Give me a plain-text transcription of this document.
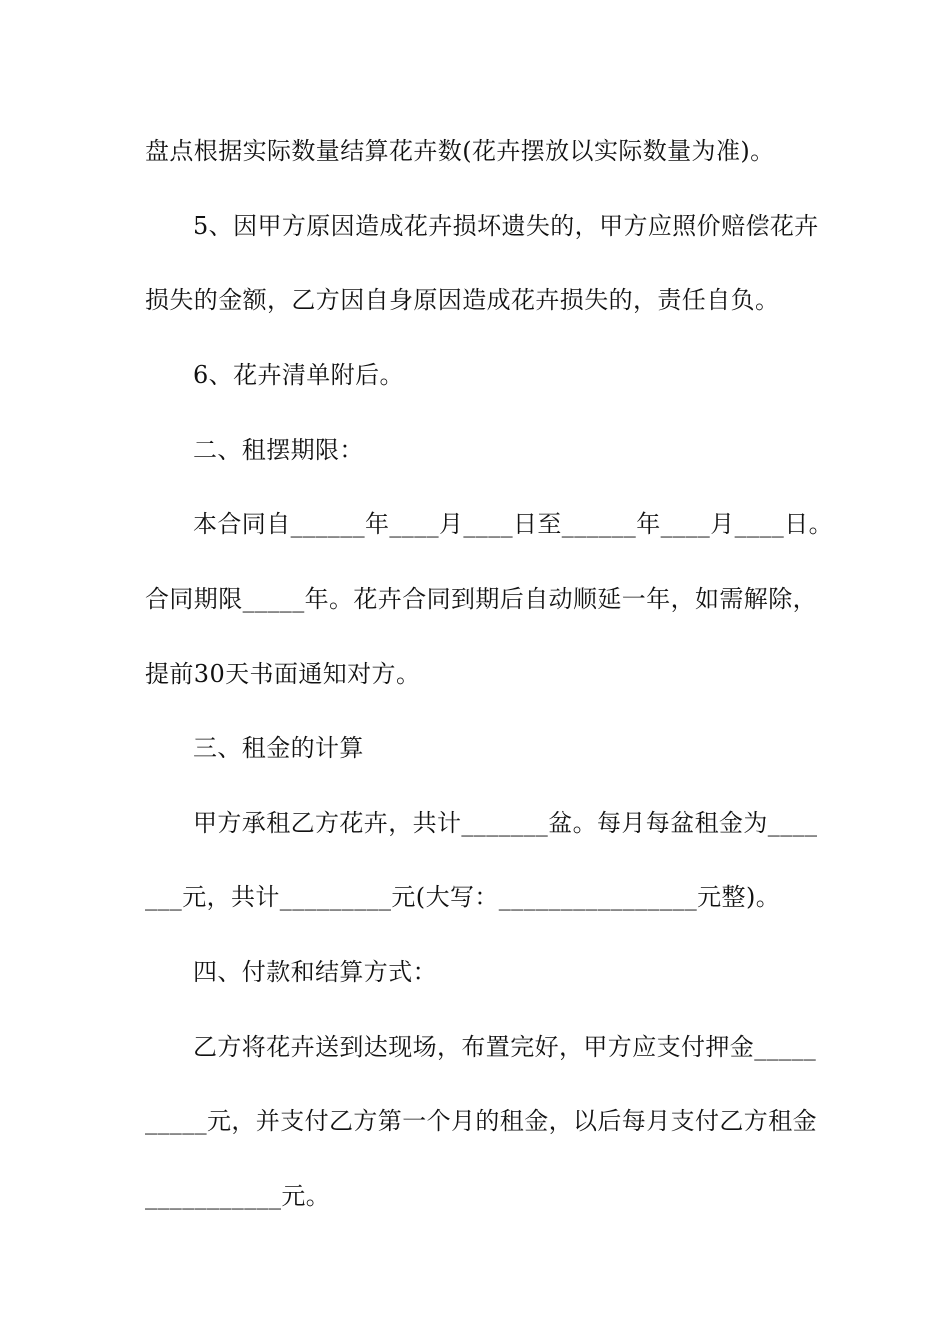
盘点根据实际数量结算花卉数(花卉摆放以实际数量为准)。
5、因甲方原因造成花卉损坏遗失的，甲方应照价赔偿花卉
损失的金额，乙方因自身原因造成花卉损失的，责任自负。
6、花卉清单附后。
二、租摆期限：
本合同自______年____月____日至______年____月____日。
合同期限_____年。花卉合同到期后自动顺延一年，如需解除，
提前30天书面通知对方。
三、租金的计算
甲方承租乙方花卉，共计_______盆。每月每盆租金为____
___元，共计_________元(大写：________________元整)。
四、付款和结算方式：
乙方将花卉送到达现场，布置完好，甲方应支付押金_____
_____元，并支付乙方第一个月的租金，以后每月支付乙方租金
___________元。
